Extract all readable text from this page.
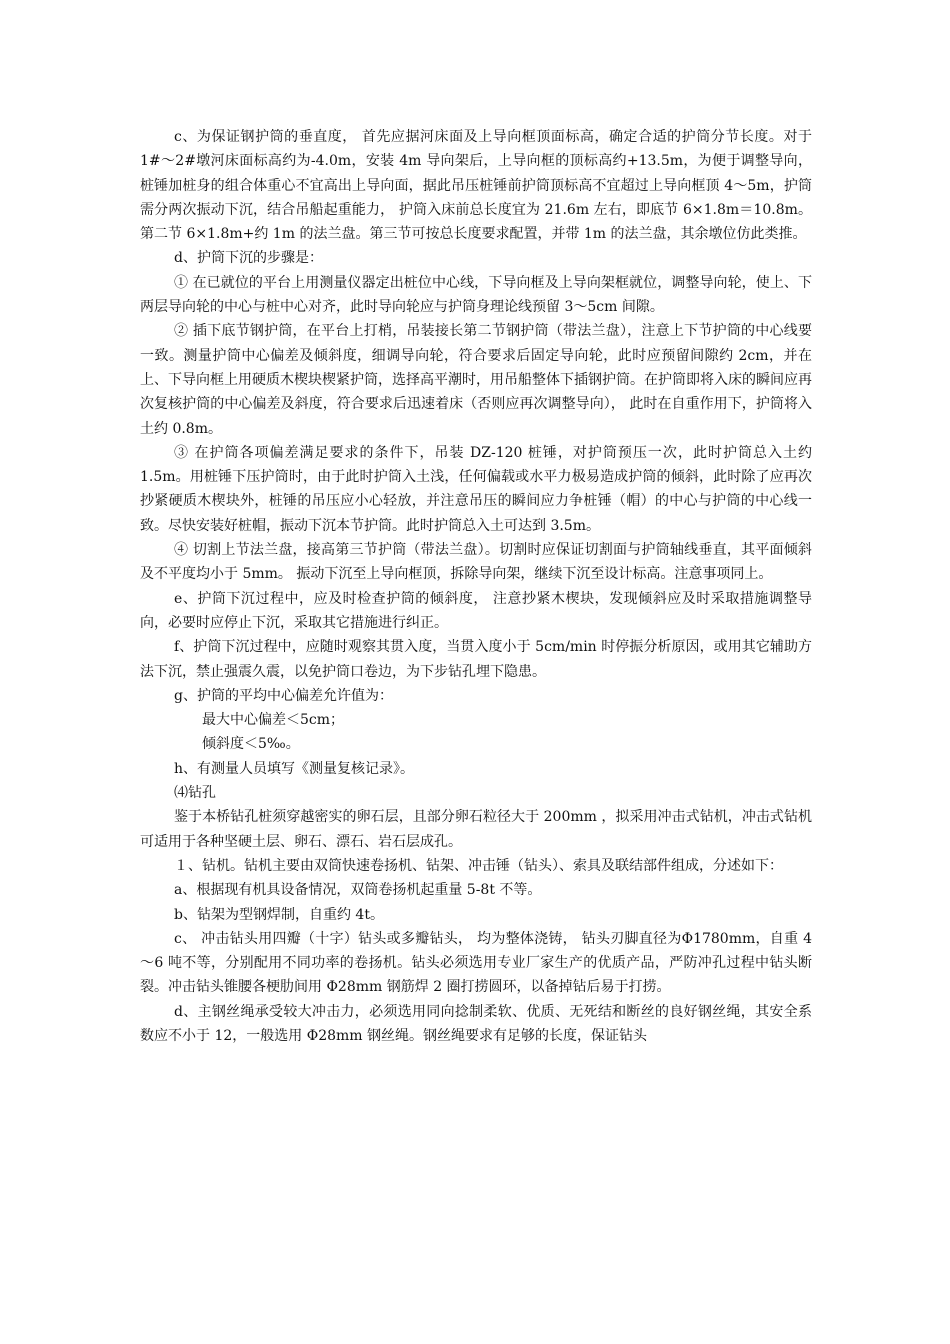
c、为保证钢护筒的垂直度， 首先应据河床面及上导向框顶面标高，确定合适的护筒分节长度。对于 1#～2#墩河床面标高约为-4.0m，安装 4m 导向架后，上导向框的顶标高约+13.5m，为便于调整导向，桩锤加桩身的组合体重心不宜高出上导向面，据此吊压桩锤前护筒顶标高不宜超过上导向框顶 4～5m，护筒需分两次振动下沉，结合吊船起重能力， 护筒入床前总长度宜为 21.6m 左右，即底节 6×1.8m＝10.8m。第二节 6×1.8m+约 1m 的法兰盘。第三节可按总长度要求配置，并带 1m 的法兰盘，其余墩位仿此类推。

d、护筒下沉的步骤是：

① 在已就位的平台上用测量仪器定出桩位中心线，下导向框及上导向架框就位，调整导向轮，使上、下两层导向轮的中心与桩中心对齐，此时导向轮应与护筒身理论线预留 3～5cm 间隙。

② 插下底节钢护筒，在平台上打梢，吊装接长第二节钢护筒（带法兰盘），注意上下节护筒的中心线要一致。测量护筒中心偏差及倾斜度，细调导向轮，符合要求后固定导向轮，此时应预留间隙约 2cm，并在上、下导向框上用硬质木楔块楔紧护筒，选择高平潮时，用吊船整体下插钢护筒。在护筒即将入床的瞬间应再次复核护筒的中心偏差及斜度，符合要求后迅速着床（否则应再次调整导向）， 此时在自重作用下，护筒将入土约 0.8m。

③ 在护筒各项偏差满足要求的条件下，吊装 DZ-120 桩锤，对护筒预压一次，此时护筒总入土约 1.5m。用桩锤下压护筒时，由于此时护筒入土浅，任何偏载或水平力极易造成护筒的倾斜，此时除了应再次抄紧硬质木楔块外，桩锤的吊压应小心轻放，并注意吊压的瞬间应力争桩锤（帽）的中心与护筒的中心线一致。尽快安装好桩帽，振动下沉本节护筒。此时护筒总入土可达到 3.5m。

④ 切割上节法兰盘，接高第三节护筒（带法兰盘）。切割时应保证切割面与护筒轴线垂直，其平面倾斜及不平度均小于 5mm。 振动下沉至上导向框顶，拆除导向架，继续下沉至设计标高。注意事项同上。

e、护筒下沉过程中，应及时检查护筒的倾斜度， 注意抄紧木楔块，发现倾斜应及时采取措施调整导向，必要时应停止下沉，采取其它措施进行纠正。

f、护筒下沉过程中，应随时观察其贯入度，当贯入度小于 5cm/min 时停振分析原因，或用其它辅助方法下沉，禁止强震久震，以免护筒口卷边，为下步钻孔埋下隐患。

g、护筒的平均中心偏差允许值为：

最大中心偏差＜5cm；

倾斜度＜5‰。

h、有测量人员填写《测量复核记录》。

⑷钻孔

鉴于本桥钻孔桩须穿越密实的卵石层，且部分卵石粒径大于 200mm ，拟采用冲击式钻机，冲击式钻机可适用于各种坚硬土层、卵石、漂石、岩石层成孔。

１、钻机。钻机主要由双筒快速卷扬机、钻架、冲击锤（钻头）、索具及联结部件组成，分述如下：

a、根据现有机具设备情况，双筒卷扬机起重量 5-8t 不等。

b、钻架为型钢焊制，自重约 4t。

c、 冲击钻头用四瓣（十字）钻头或多瓣钻头， 均为整体浇铸， 钻头刃脚直径为Φ1780mm，自重 4～6 吨不等，分别配用不同功率的卷扬机。钻头必须选用专业厂家生产的优质产品，严防冲孔过程中钻头断裂。冲击钻头锥腰各梗肋间用 Φ28mm 钢筋焊 2 圈打捞圆环，以备掉钻后易于打捞。

d、主钢丝绳承受较大冲击力，必须选用同向捻制柔软、优质、无死结和断丝的良好钢丝绳，其安全系数应不小于 12，一般选用 Φ28mm 钢丝绳。钢丝绳要求有足够的长度，保证钻头
